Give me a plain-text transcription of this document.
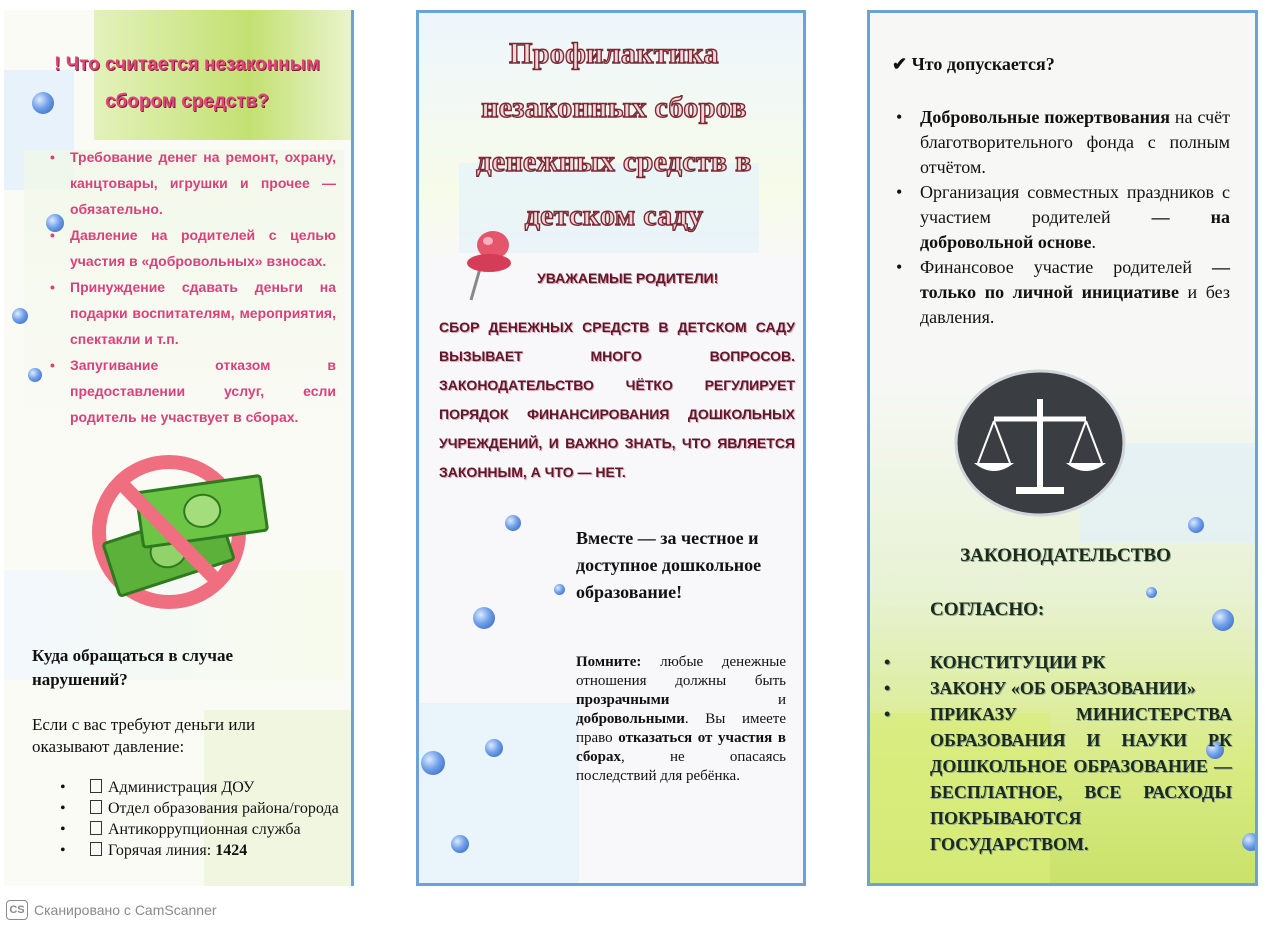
! Что считается незаконным сбором средств?
• Требование денег на ремонт, охрану, канцтовары, игрушки и прочее — обязательно.
• Давление на родителей с целью участия в «добровольных» взносах.
• Принуждение сдавать деньги на подарки воспитателям, мероприятия, спектакли и т.п.
• Запугивание отказом в предоставлении услуг, если родитель не участвует в сборах.
Куда обращаться в случае нарушений?
Если с вас требуют деньги или оказывают давление:
• Администрация ДОУ
• Отдел образования района/города
• Антикоррупционная служба
• Горячая линия: 1424
Профилактика незаконных сборов денежных средств в детском саду
УВАЖАЕМЫЕ РОДИТЕЛИ!
СБОР ДЕНЕЖНЫХ СРЕДСТВ В ДЕТСКОМ САДУ ВЫЗЫВАЕТ МНОГО ВОПРОСОВ. ЗАКОНОДАТЕЛЬСТВО ЧЁТКО РЕГУЛИРУЕТ ПОРЯДОК ФИНАНСИРОВАНИЯ ДОШКОЛЬНЫХ УЧРЕЖДЕНИЙ, И ВАЖНО ЗНАТЬ, ЧТО ЯВЛЯЕТСЯ ЗАКОННЫМ, А ЧТО — НЕТ.
Вместе — за честное и доступное дошкольное образование!
Помните: любые денежные отношения должны быть прозрачными и добровольными. Вы имеете право отказаться от участия в сборах, не опасаясь последствий для ребёнка.
✔ Что допускается?
• Добровольные пожертвования на счёт благотворительного фонда с полным отчётом.
• Организация совместных праздников с участием родителей — на добровольной основе.
• Финансовое участие родителей — только по личной инициативе и без давления.
ЗАКОНОДАТЕЛЬСТВО
СОГЛАСНО:
• КОНСТИТУЦИИ РК
• ЗАКОНУ «ОБ ОБРАЗОВАНИИ»
• ПРИКАЗУ МИНИСТЕРСТВА ОБРАЗОВАНИЯ И НАУКИ РК ДОШКОЛЬНОЕ ОБРАЗОВАНИЕ — БЕСПЛАТНОЕ, ВСЕ РАСХОДЫ ПОКРЫВАЮТСЯ ГОСУДАРСТВОМ.
CS Сканировано с CamScanner
